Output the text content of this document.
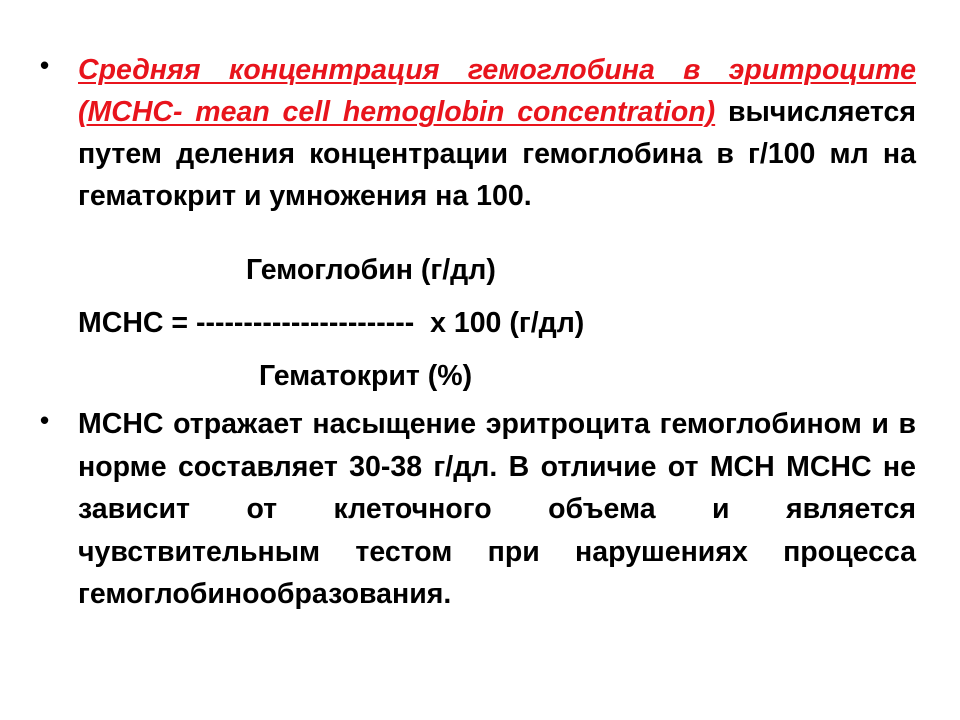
• Средняя концентрация гемоглобина в эритроците (MCHC- mean cell hemoglobin concentration) вычисляется путем деления концентрации гемоглобина в г/100 мл на гематокрит и умножения на 100.
Гемоглобин (г/дл)
МСНС = -----------------------  х 100 (г/дл)
Гематокрит (%)
• МСНС отражает насыщение эритроцита гемоглобином и в норме составляет 30-38 г/дл. В отличие от МСН МСНС не зависит от клеточного объема и является чувствительным тестом при нарушениях процесса гемоглобинообразования.
